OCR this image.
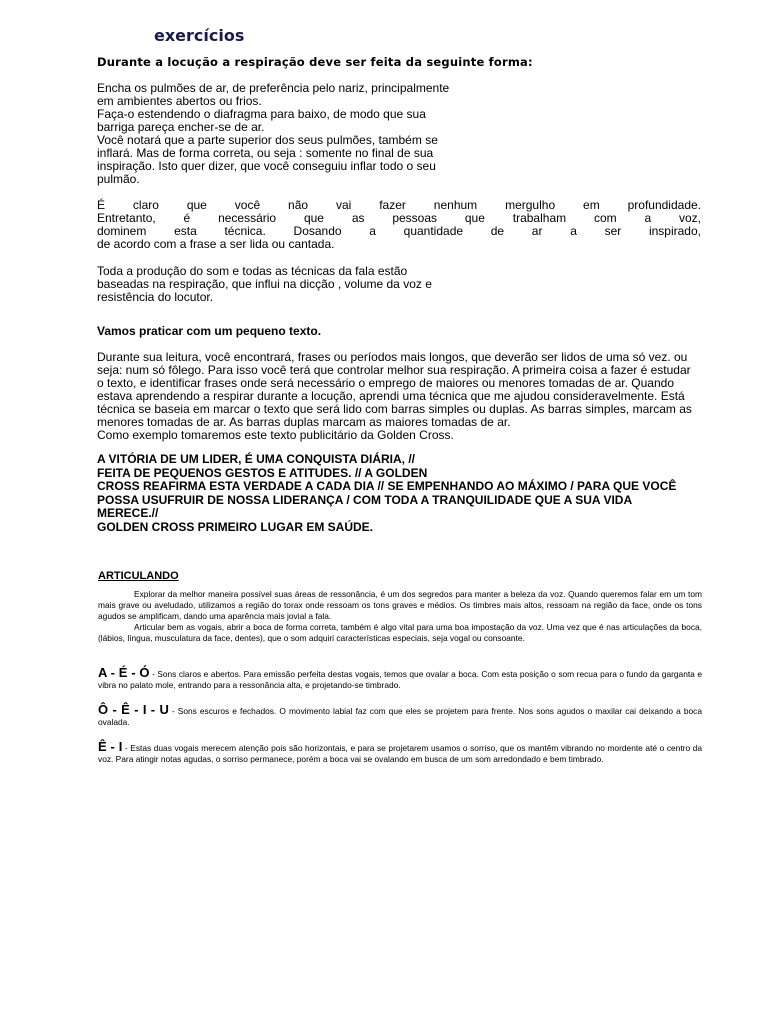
exercícios
Durante a locução a respiração deve ser feita da seguinte forma:
Encha os pulmões de ar, de preferência pelo nariz, principalmente
em ambientes abertos ou frios.
Faça-o estendendo o diafragma para baixo, de modo que sua
barriga pareça encher-se de ar.
Você notará que a parte superior dos seus pulmões, também se
inflará. Mas de forma correta, ou seja : somente no final de sua
inspiração. Isto quer dizer, que você conseguiu inflar todo o seu
pulmão.
É claro que você não vai fazer nenhum mergulho em profundidade.
Entretanto, é necessário que as pessoas que trabalham com a voz,
dominem esta técnica. Dosando a quantidade de ar a ser inspirado,
de acordo com a frase a ser lida ou cantada.
Toda a produção do som e todas as técnicas da fala estão
baseadas na respiração, que influi na dicção , volume da voz e
resistência do locutor.
Vamos praticar com um pequeno texto.
Durante sua leitura, você encontrará, frases ou períodos mais longos, que deverão ser lidos de uma só vez. ou
seja: num só fôlego. Para isso você terá que controlar melhor sua respiração. A primeira coisa a fazer é estudar
o texto, e identificar frases onde será necessário o emprego de maiores ou menores tomadas de ar. Quando
estava aprendendo a respirar durante a locução, aprendi uma técnica que me ajudou consideravelmente. Está
técnica se baseia em marcar o texto que será lido com barras simples ou duplas. As barras simples, marcam as
menores tomadas de ar. As barras duplas marcam as maiores tomadas de ar.
Como exemplo tomaremos este texto publicitário da Golden Cross.
A VITÓRIA DE UM LIDER, É UMA CONQUISTA DIÁRIA, //
FEITA DE PEQUENOS GESTOS E ATITUDES. // A GOLDEN
CROSS REAFIRMA ESTA VERDADE A CADA DIA // SE EMPENHANDO AO MÁXIMO / PARA QUE VOCÊ
POSSA USUFRUIR DE NOSSA LIDERANÇA / COM TODA A TRANQUILIDADE QUE A SUA VIDA
MERECE.//
GOLDEN CROSS PRIMEIRO LUGAR EM SAÚDE.
ARTICULANDO
Explorar da melhor maneira possível suas áreas de ressonância, é um dos segredos para manter a beleza da voz. Quando queremos falar em um tom mais grave ou aveludado, utilizamos a região do torax onde ressoam os tons graves e médios. Os timbres mais altos, ressoam na região da face, onde os tons agudos se amplificam, dando uma aparência mais jovial a fala.
Articular bem as vogais, abrir a boca de forma correta, também é algo vital para uma boa impostação da voz. Uma vez que é nas articulações da boca,(lábios, língua, musculatura da face, dentes), que o som adquiri características especiais, seja vogal ou consoante.
A - É - Ó - Sons claros e abertos. Para emissão perfeita destas vogais, temos que ovalar a boca. Com esta posição o som recua para o fundo da garganta e vibra no palato mole, entrando para a ressonância alta, e projetando-se timbrado.
Ô - Ê - I - U - Sons escuros e fechados. O movimento labial faz com que eles se projetem para frente. Nos sons agudos o maxilar cai deixando a boca ovalada.
Ê - I - Estas duas vogais merecem atenção pois são horizontais, e para se projetarem usamos o sorriso, que os mantêm vibrando no mordente até o centro da voz. Para atingir notas agudas, o sorriso permanece, porém a boca vai se ovalando em busca de um som arredondado e bem timbrado.
